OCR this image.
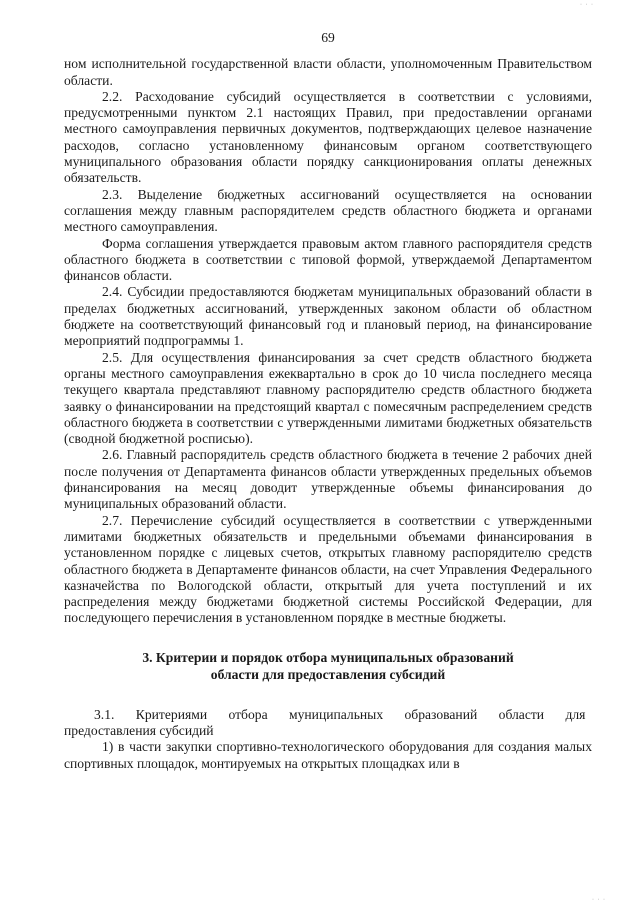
· · ·
69

ном исполнительной государственной власти области, уполномоченным Правительством области.

2.2. Расходование субсидий осуществляется в соответствии с условиями, предусмотренными пунктом 2.1 настоящих Правил, при предоставлении органами местного самоуправления первичных документов, подтверждающих целевое назначение расходов, согласно установленному финансовым органом соответствующего муниципального образования области порядку санкционирования оплаты денежных обязательств.

2.3. Выделение бюджетных ассигнований осуществляется на основании соглашения между главным распорядителем средств областного бюджета и органами местного самоуправления.

Форма соглашения утверждается правовым актом главного распорядителя средств областного бюджета в соответствии с типовой формой, утверждаемой Департаментом финансов области.

2.4. Субсидии предоставляются бюджетам муниципальных образований области в пределах бюджетных ассигнований, утвержденных законом области об областном бюджете на соответствующий финансовый год и плановый период, на финансирование мероприятий подпрограммы 1.

2.5. Для осуществления финансирования за счет средств областного бюджета органы местного самоуправления ежеквартально в срок до 10 числа последнего месяца текущего квартала представляют главному распорядителю средств областного бюджета заявку о финансировании на предстоящий квартал с помесячным распределением средств областного бюджета в соответствии с утвержденными лимитами бюджетных обязательств (сводной бюджетной росписью).

2.6. Главный распорядитель средств областного бюджета в течение 2 рабочих дней после получения от Департамента финансов области утвержденных предельных объемов финансирования на месяц доводит утвержденные объемы финансирования до муниципальных образований области.

2.7. Перечисление субсидий осуществляется в соответствии с утвержденными лимитами бюджетных обязательств и предельными объемами финансирования в установленном порядке с лицевых счетов, открытых главному распорядителю средств областного бюджета в Департаменте финансов области, на счет Управления Федерального казначейства по Вологодской области, открытый для учета поступлений и их распределения между бюджетами бюджетной системы Российской Федерации, для последующего перечисления в установленном порядке в местные бюджеты.

3. Критерии и порядок отбора муниципальных образований
области для предоставления субсидий

3.1. Критериями отбора муниципальных образований области для

предоставления субсидий

1) в части закупки спортивно-технологического оборудования для создания малых спортивных площадок, монтируемых на открытых площадках или в

· · ·
